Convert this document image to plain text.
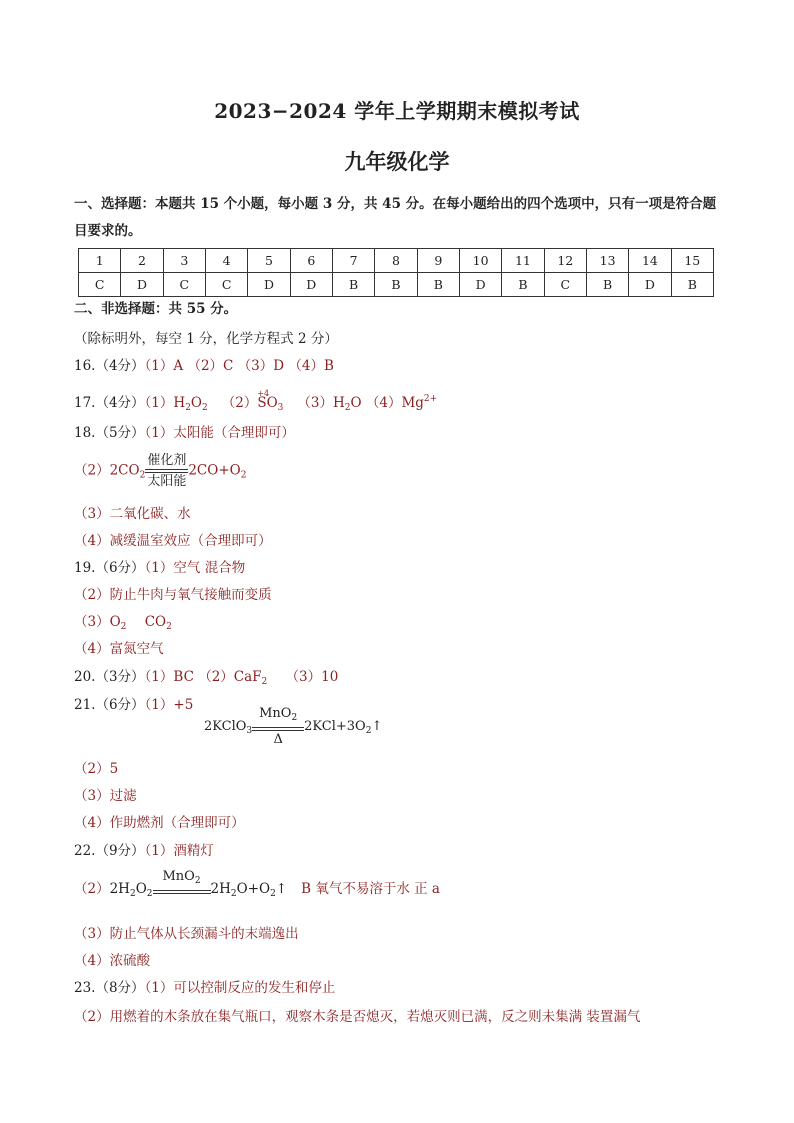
2023−2024 学年上学期期末模拟考试
九年级化学
一、选择题：本题共 15 个小题，每小题 3 分，共 45 分。在每小题给出的四个选项中，只有一项是符合题
目要求的。
1	2	3	4	5	6	7	8	9	10	11	12	13	14	15
C	D	C	C	D	D	B	B	B	D	B	C	B	D	B
二、非选择题：共 55 分。
（除标明外，每空 1 分，化学方程式 2 分）
16.（4分）（1）A （2）C （3）D （4）B
17.（4分）$(1)H_2O_2$ （2）
+4
$SO_3$ $(3)H_2O$ $(4)Mg^{2+}$
18.（5分）（1）太阳能（合理即可）
$(2)2CO_2 \frac{\text{催化剂}}{\text{太阳能}} 2CO+O_2$
（3）二氧化碳、水
（4）减缓温室效应（合理即可）
19.（6分）（1）空气 混合物
（2）防止牛肉与氧气接触而变质
$(3)O_2$ $CO_2$
（4）富氮空气
20.（3分）（1）BC （2）CaF$_2$ （3）10
21.（6分）（1）+5
2KClO$_3$ $\frac{MnO_2}{\Delta}$ $2KCl+3O_2↑$
（2）5
（3）过滤
（4）作助燃剂（合理即可）
22.（9分）（1）酒精灯
$(2)2H_2O_2$
MnO$_2$
$2H_2O+O_2↑$ B 氧气不易溶于水 正 a
（3）防止气体从长颈漏斗的末端逸出
（4）浓硫酸
23.（8分）（1）可以控制反应的发生和停止
（2）用燃着的木条放在集气瓶口，观察木条是否熄灭，若熄灭则已满，反之则未集满 装置漏气
